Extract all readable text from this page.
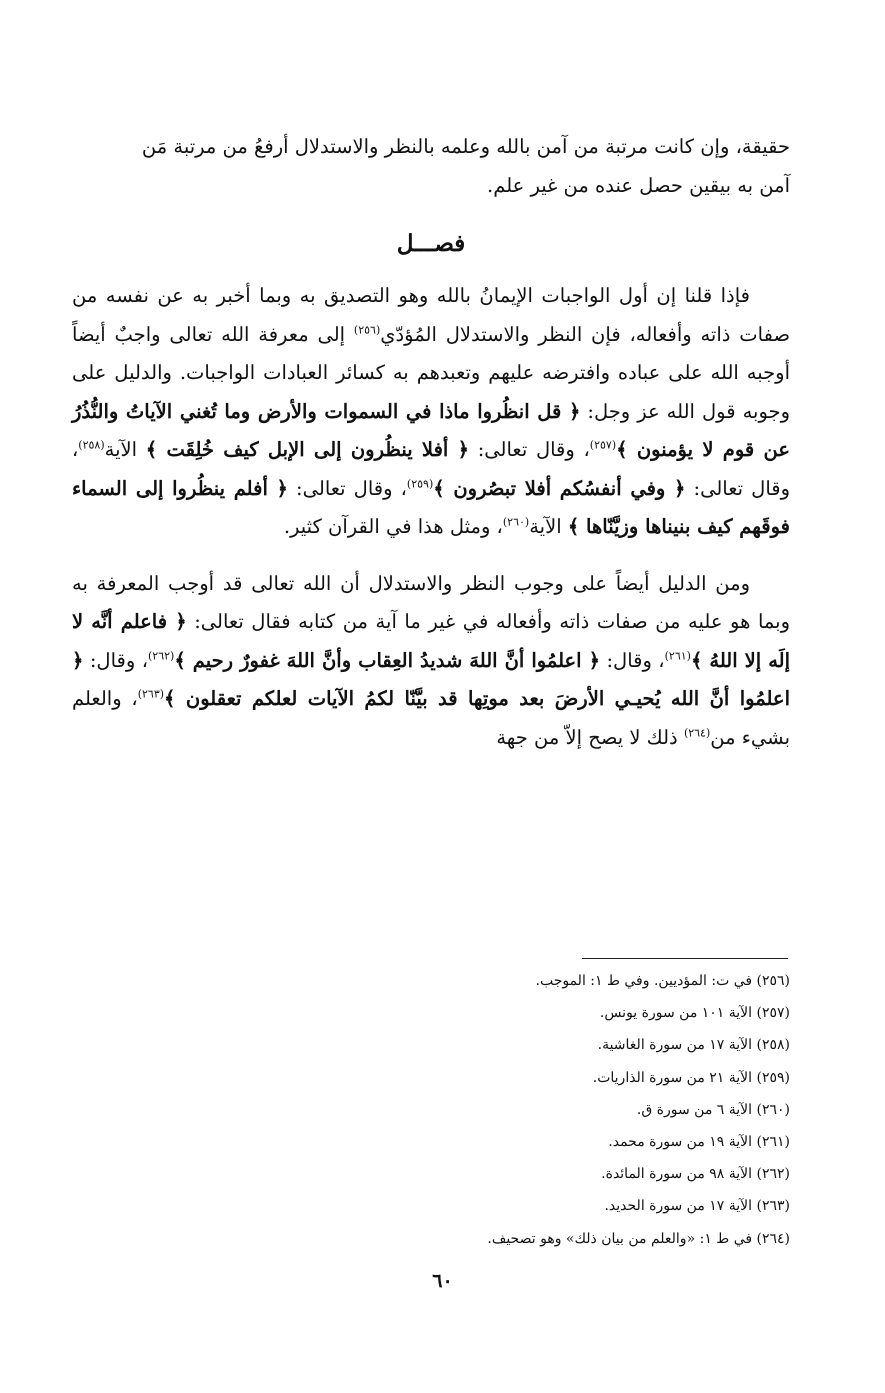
حقيقة، وإن كانت مرتبة من آمن بالله وعلمه بالنظر والاستدلال أرفعُ من مرتبة مَن
آمن به بيقين حصل عنده من غير علم.

فصـــل

فإذا قلنا إن أول الواجبات الإيمانُ بالله وهو التصديق به وبما أخبر به عن نفسه من صفات ذاته وأفعاله، فإن النظر والاستدلال المُؤدّي$^{(٢٥٦)}$ إلى معرفة الله تعالى واجبٌ أيضاً أوجبه الله على عباده وافترضه عليهم وتعبدهم به كسائر العبادات الواجبات. والدليل على وجوبه قول الله عز وجل: ﴿ قل انظُروا ماذا في السموات والأرض وما تُغني الآياتُ والنُّذُرُ عن قوم لا يؤمنون ﴾$^{(٢٥٧)}$، وقال تعالى: ﴿ أفلا ينظُرون إلى الإبل كيف خُلِقَت ﴾ الآية$^{(٢٥٨)}$، وقال تعالى: ﴿ وفي أنفسُكم أفلا تبصُرون ﴾$^{(٢٥٩)}$، وقال تعالى: ﴿ أفلم ينظُروا إلى السماء فوقَهم كيف بنيناها وزيَّنّاها ﴾ الآية$^{(٢٦٠)}$، ومثل هذا في القرآن كثير.

ومن الدليل أيضاً على وجوب النظر والاستدلال أن الله تعالى قد أوجب المعرفة به وبما هو عليه من صفات ذاته وأفعاله في غير ما آية من كتابه فقال تعالى: ﴿ فاعلم أنَّه لا إلَه إلا اللهُ ﴾$^{(٢٦١)}$، وقال: ﴿ اعلمُوا أنَّ اللهَ شديدُ العِقاب وأنَّ اللهَ غفورٌ رحيم ﴾$^{(٢٦٢)}$، وقال: ﴿ اعلمُوا أنَّ الله يُحيـي الأرضَ بعد موتِها قد بيَّنّا لكمُ الآيات لعلكم تعقلون ﴾$^{(٢٦٣)}$، والعلم بشيء من$^{(٢٦٤)}$ ذلك لا يصح إلاّ من جهة

(٢٥٦) في ت: المؤديين. وفي ط ١: الموجب.
(٢٥٧) الآية ١٠١ من سورة يونس.
(٢٥٨) الآية ١٧ من سورة الغاشية.
(٢٥٩) الآية ٢١ من سورة الذاريات.
(٢٦٠) الآية ٦ من سورة ق.
(٢٦١) الآية ١٩ من سورة محمد.
(٢٦٢) الآية ٩٨ من سورة المائدة.
(٢٦٣) الآية ١٧ من سورة الحديد.
(٢٦٤) في ط ١: «والعلم من بيان ذلك» وهو تصحيف.
٦٠
